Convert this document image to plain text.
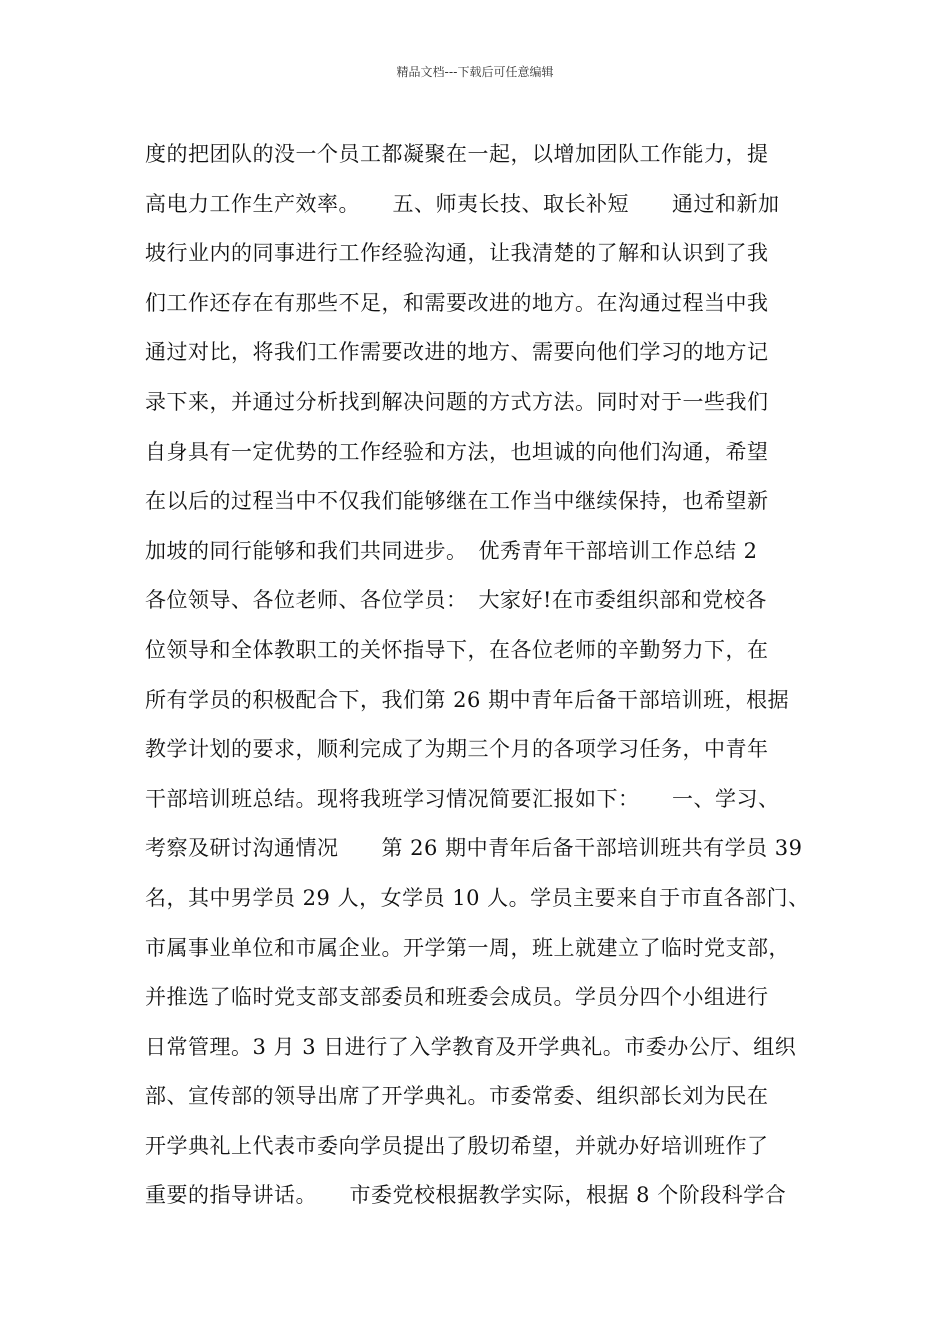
精品文档---下载后可任意编辑
度的把团队的没一个员工都凝聚在一起，以增加团队工作能力，提
高电力工作生产效率。　　五、师夷长技、取长补短　　通过和新加
坡行业内的同事进行工作经验沟通，让我清楚的了解和认识到了我
们工作还存在有那些不足，和需要改进的地方。在沟通过程当中我
通过对比，将我们工作需要改进的地方、需要向他们学习的地方记
录下来，并通过分析找到解决问题的方式方法。同时对于一些我们
自身具有一定优势的工作经验和方法，也坦诚的向他们沟通，希望
在以后的过程当中不仅我们能够继在工作当中继续保持，也希望新
加坡的同行能够和我们共同进步。　优秀青年干部培训工作总结 2
各位领导、各位老师、各位学员：　大家好!在市委组织部和党校各
位领导和全体教职工的关怀指导下，在各位老师的辛勤努力下，在
所有学员的积极配合下，我们第 26 期中青年后备干部培训班，根据
教学计划的要求，顺利完成了为期三个月的各项学习任务，中青年
干部培训班总结。现将我班学习情况简要汇报如下：　　一、学习、
考察及研讨沟通情况　　第 26 期中青年后备干部培训班共有学员 39
名，其中男学员 29 人，女学员 10 人。学员主要来自于市直各部门、
市属事业单位和市属企业。开学第一周，班上就建立了临时党支部，
并推选了临时党支部支部委员和班委会成员。学员分四个小组进行
日常管理。3 月 3 日进行了入学教育及开学典礼。市委办公厅、组织
部、宣传部的领导出席了开学典礼。市委常委、组织部长刘为民在
开学典礼上代表市委向学员提出了殷切希望，并就办好培训班作了
重要的指导讲话。　　市委党校根据教学实际，根据 8 个阶段科学合
